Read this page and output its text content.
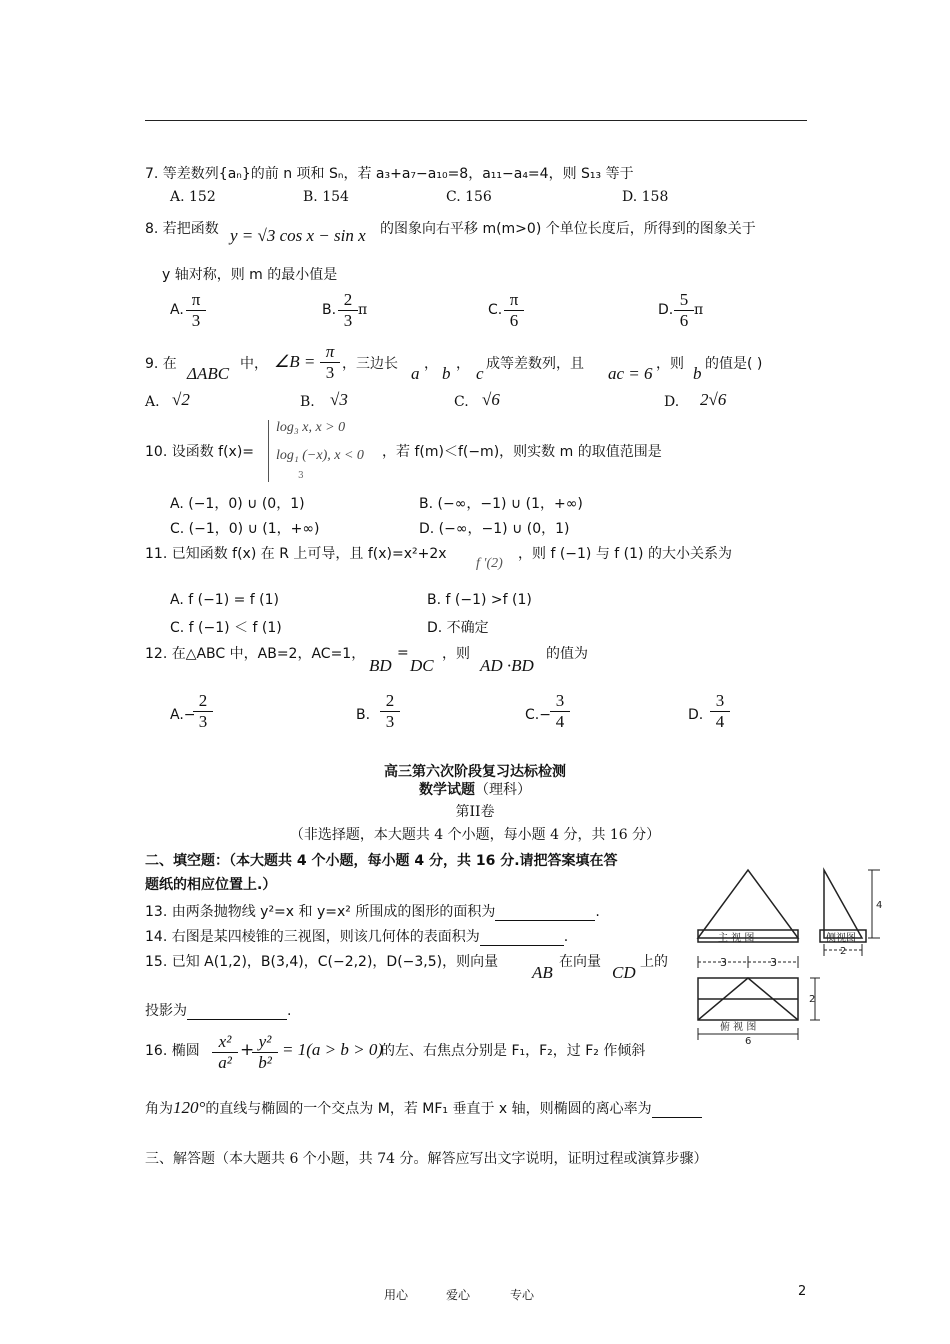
7. 等差数列{aₙ}的前 n 项和 Sₙ，若 a₃+a₇−a₁₀=8，a₁₁−a₄=4，则 S₁₃ 等于
A. 152	B. 154	C. 156	D. 158
8. 若把函数 y = √3 cos x − sin x 的图象向右平移 m(m>0) 个单位长度后，所得到的图象关于
y 轴对称，则 m 的最小值是
A. $\frac{\pi}{3}$	B. $\frac{2}{3}$ π	C. $\frac{\pi}{6}$	D. $\frac{5}{6}$ π
9. 在 ΔABC 中， ∠B = $\frac{\pi}{3}$ ，三边长 a ， b ， c 成等差数列，且 ac = 6 ，则 b 的值是( )
A. √2	B. √3	C. √6	D. 2√6
10. 设函数 f(x)=
log₃ x, x > 0
log₁ (−x), x < 0
3
，若 f(m)＜f(−m)，则实数 m 的取值范围是
A. (−1，0) ∪ (0，1)	B. (−∞，−1) ∪ (1，+∞)
C. (−1，0) ∪ (1，+∞)	D. (−∞，−1) ∪ (0，1)
11. 已知函数 f(x) 在 R 上可导，且 f(x)=x²+2x
f ′(2)
，则 f (−1) 与 f (1) 的大小关系为
A. f (−1) = f (1)	B. f (−1) >f (1)
C. f (−1) ＜ f (1)	D. 不确定
12. 在△ABC 中，AB=2，AC=1，
BD
=
DC
，则
AD ·BD
的值为
A.−
$\frac{2}{3}$	B. $\frac{2}{3}$	$C.- \frac{3}{4}$	D. $\frac{3}{4}$
高三第六次阶段复习达标检测
数学试题（理科）
第II卷
（非选择题，本大题共 4 个小题，每小题 4 分，共 16 分）
二、填空题：（本大题共 4 个小题，每小题 4 分，共 16 分.请把答案填在答
题纸的相应位置上.）
13. 由两条抛物线 y²=x 和 y=x² 所围成的图形的面积为	.
14. 右图是某四棱锥的三视图，则该几何体的表面积为	.
15. 已知 A(1,2)，B(3,4)，C(−2,2)，D(−3,5)，则向量
AB
在向量
CD
上的
投影为	.
主 视 图	侧视图
4
3	3
2
俯 视 图
2
6
16. 椭圆 $\frac{\text{x²}}{\text{a²}}$ +
$\frac{\text{y²}}{\text{b²}} = 1(a > b > 0)$
的左、右焦点分别是 F₁，F₂，过 F₂ 作倾斜
角为120°的直线与椭圆的一个交点为 M，若 MF₁ 垂直于 x 轴，则椭圆的离心率为
三、解答题（本大题共 6 个小题，共 74 分。解答应写出文字说明，证明过程或演算步骤）
用心	爱心	专心	2
